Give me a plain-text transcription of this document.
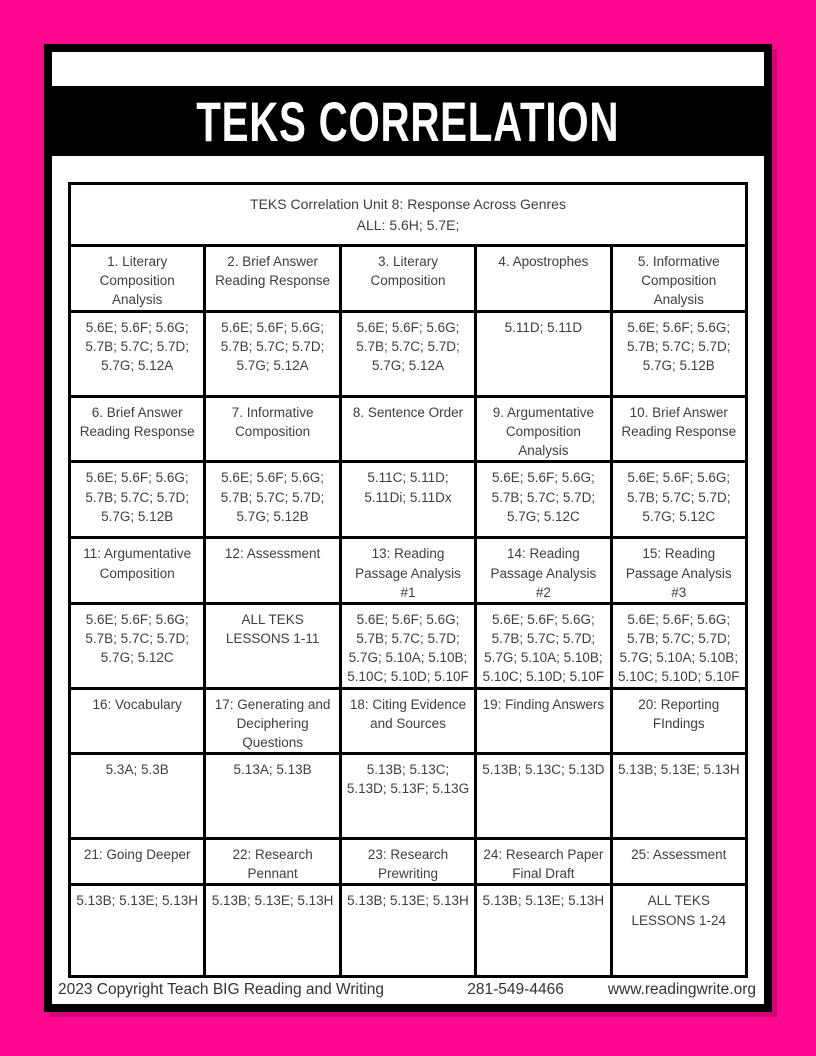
TEKS CORRELATION
TEKS Correlation Unit 8: Response Across Genres
ALL: 5.6H; 5.7E;				

1. Literary Composition Analysis	2. Brief Answer Reading Response	3. Literary Composition	4. Apostrophes	5. Informative Composition Analysis
5.6E; 5.6F; 5.6G; 5.7B; 5.7C; 5.7D; 5.7G; 5.12A	5.6E; 5.6F; 5.6G; 5.7B; 5.7C; 5.7D; 5.7G; 5.12A	5.6E; 5.6F; 5.6G; 5.7B; 5.7C; 5.7D; 5.7G; 5.12A	5.11D; 5.11D	5.6E; 5.6F; 5.6G; 5.7B; 5.7C; 5.7D; 5.7G; 5.12B
6. Brief Answer Reading Response	7. Informative Composition	8. Sentence Order	9. Argumentative Composition Analysis	10. Brief Answer Reading Response
5.6E; 5.6F; 5.6G; 5.7B; 5.7C; 5.7D; 5.7G; 5.12B	5.6E; 5.6F; 5.6G; 5.7B; 5.7C; 5.7D; 5.7G; 5.12B	5.11C; 5.11D; 5.11Di; 5.11Dx	5.6E; 5.6F; 5.6G; 5.7B; 5.7C; 5.7D; 5.7G; 5.12C	5.6E; 5.6F; 5.6G; 5.7B; 5.7C; 5.7D; 5.7G; 5.12C
11: Argumentative Composition	12: Assessment	13: Reading Passage Analysis #1	14: Reading Passage Analysis #2	15: Reading Passage Analysis #3
5.6E; 5.6F; 5.6G; 5.7B; 5.7C; 5.7D; 5.7G; 5.12C	ALL TEKS LESSONS 1-11	5.6E; 5.6F; 5.6G; 5.7B; 5.7C; 5.7D; 5.7G; 5.10A; 5.10B; 5.10C; 5.10D; 5.10F	5.6E; 5.6F; 5.6G; 5.7B; 5.7C; 5.7D; 5.7G; 5.10A; 5.10B; 5.10C; 5.10D; 5.10F	5.6E; 5.6F; 5.6G; 5.7B; 5.7C; 5.7D; 5.7G; 5.10A; 5.10B; 5.10C; 5.10D; 5.10F
16: Vocabulary	17: Generating and Deciphering Questions	18: Citing Evidence and Sources	19: Finding Answers	20: Reporting FIndings
5.3A; 5.3B	5.13A; 5.13B	5.13B; 5.13C; 5.13D; 5.13F; 5.13G	5.13B; 5.13C; 5.13D	5.13B; 5.13E; 5.13H
21: Going Deeper	22: Research Pennant	23: Research Prewriting	24: Research Paper Final Draft	25: Assessment
5.13B; 5.13E; 5.13H	5.13B; 5.13E; 5.13H	5.13B; 5.13E; 5.13H	5.13B; 5.13E; 5.13H	ALL TEKS LESSONS 1-24
2023 Copyright Teach BIG Reading and Writing	281-549-4466	www.readingwrite.org
